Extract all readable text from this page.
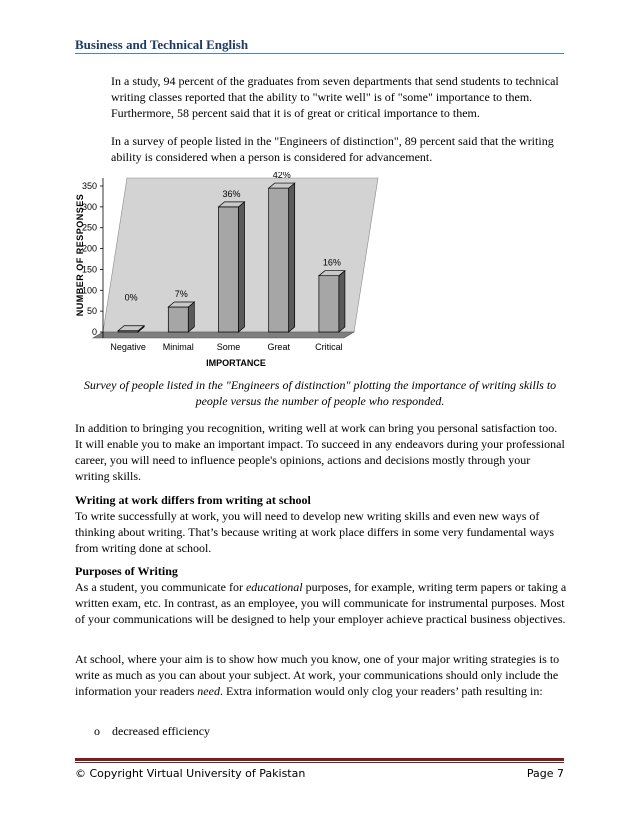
Business and Technical English

In a study, 94 percent of the graduates from seven departments that send students to technical writing classes reported that the ability to "write well" is of "some" importance to them. Furthermore, 58 percent said that it is of great or critical importance to them.

In a survey of people listed in the "Engineers of distinction", 89 percent said that the writing ability is considered when a person is considered for advancement.

0
50
100
150
200
250
300
350
0%	7%
36%
42%
16%
Negative Minimal	Some	Great	Critical
NUMBER OF RESPONSES
IMPORTANCE

Survey of people listed in the "Engineers of distinction" plotting the importance of writing skills to people versus the number of people who responded.

In addition to bringing you recognition, writing well at work can bring you personal satisfaction too. It will enable you to make an important impact. To succeed in any endeavors during your professional career, you will need to influence people's opinions, actions and decisions mostly through your writing skills.

Writing at work differs from writing at school

To write successfully at work, you will need to develop new writing skills and even new ways of thinking about writing. That’s because writing at work place differs in some very fundamental ways from writing done at school.

Purposes of Writing

As a student, you communicate for educational purposes, for example, writing term papers or taking a written exam, etc. In contrast, as an employee, you will communicate for instrumental purposes. Most of your communications will be designed to help your employer achieve practical business objectives.

At school, where your aim is to show how much you know, one of your major writing strategies is to write as much as you can about your subject. At work, your communications should only include the information your readers need. Extra information would only clog your readers’ path resulting in:

o decreased efficiency
© Copyright Virtual University of Pakistan	Page 7
